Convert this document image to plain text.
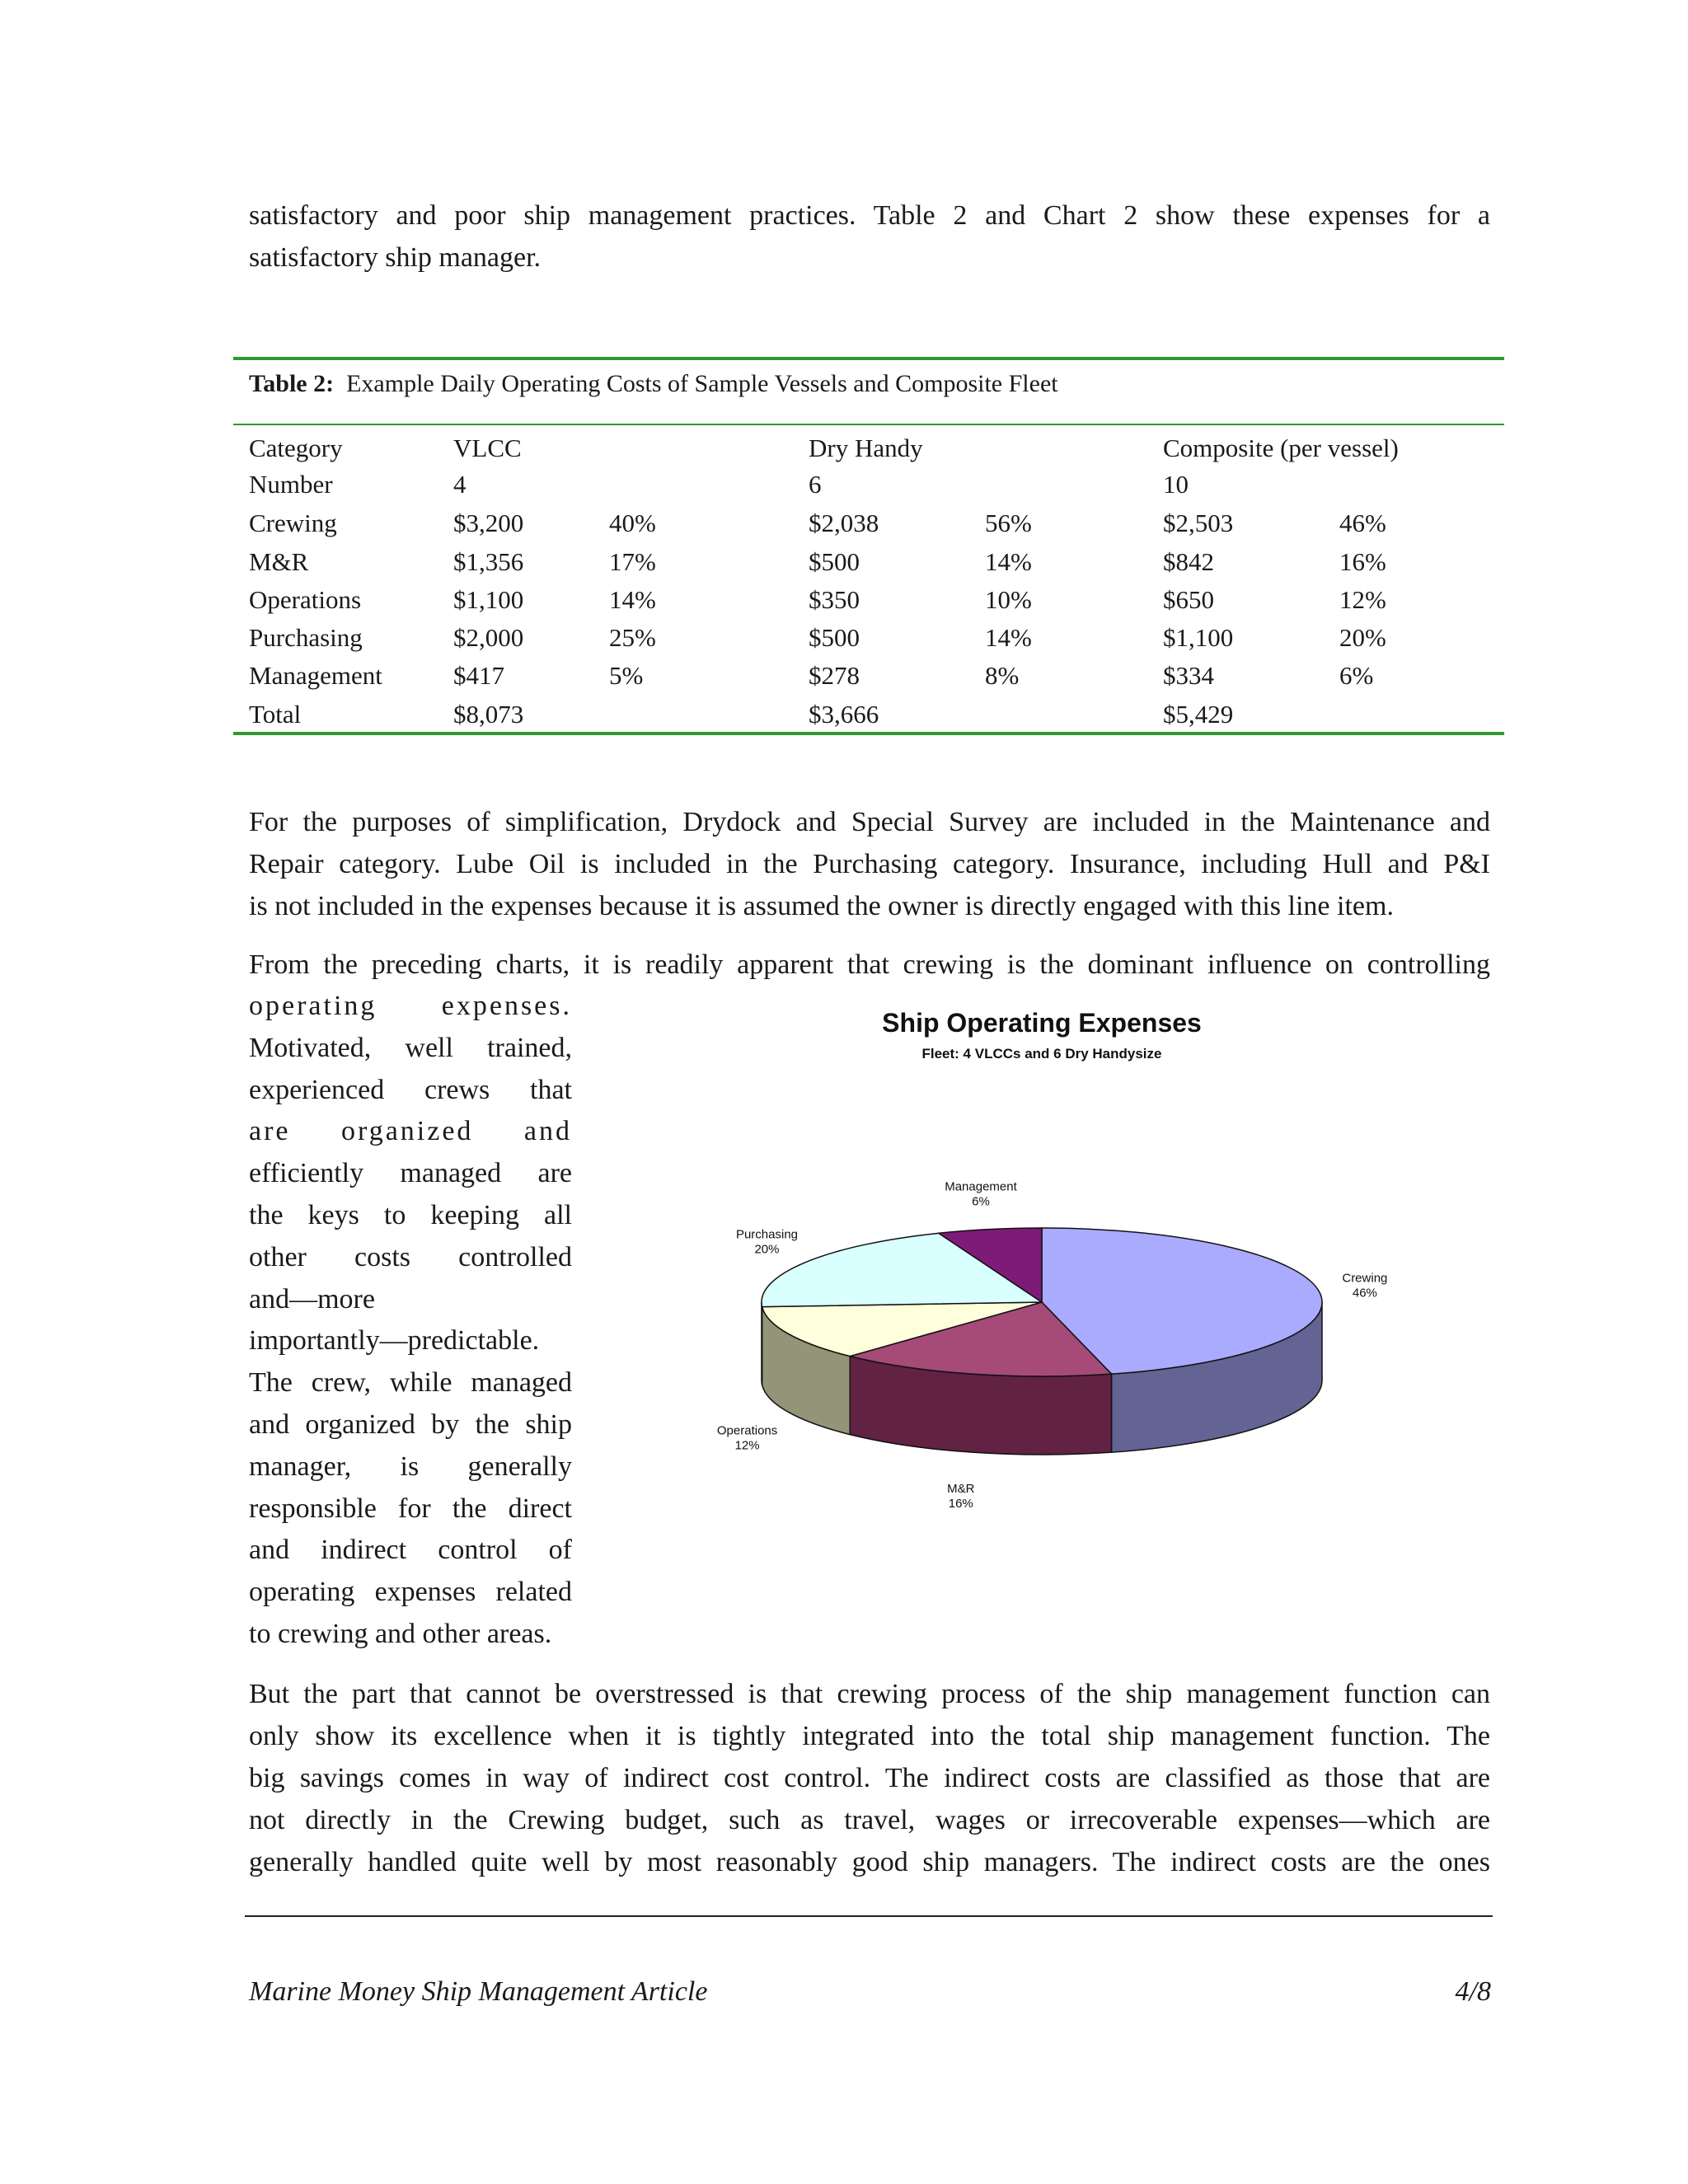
satisfactory and poor ship management practices. Table 2 and Chart 2 show these expenses for a
satisfactory ship manager.
Table 2: Example Daily Operating Costs of Sample Vessels and Composite Fleet
Category	VLCC	Dry Handy	Composite (per vessel)
Number	4	6	10
Crewing	$3,200	40%	$2,038	56%	$2,503	46%
M&R	$1,356	17%	$500	14%	$842	16%
Operations	$1,100	14%	$350	10%	$650	12%
Purchasing	$2,000	25%	$500	14%	$1,100	20%
Management	$417	5%	$278	8%	$334	6%
Total	$8,073	$3,666	$5,429
For the purposes of simplification, Drydock and Special Survey are included in the Maintenance and
Repair category. Lube Oil is included in the Purchasing category. Insurance, including Hull and P&I
is not included in the expenses because it is assumed the owner is directly engaged with this line item.
From the preceding charts, it is readily apparent that crewing is the dominant influence on controlling
operating expenses.
Motivated, well trained,
experienced crews that
are organized and
efficiently managed are
the keys to keeping all
other costs controlled
and—more
importantly—predictable.
The crew, while managed
and organized by the ship
manager, is generally
responsible for the direct
and indirect control of
operating expenses related
to crewing and other areas.
Ship Operating Expenses
Fleet: 4 VLCCs and 6 Dry Handysize
Crewing
46%
M&R
16%
Operations
12%
Purchasing
20%
Management
6%
But the part that cannot be overstressed is that crewing process of the ship management function can
only show its excellence when it is tightly integrated into the total ship management function. The
big savings comes in way of indirect cost control. The indirect costs are classified as those that are
not directly in the Crewing budget, such as travel, wages or irrecoverable expenses—which are
generally handled quite well by most reasonably good ship managers. The indirect costs are the ones
Marine Money Ship Management Article	4/8
